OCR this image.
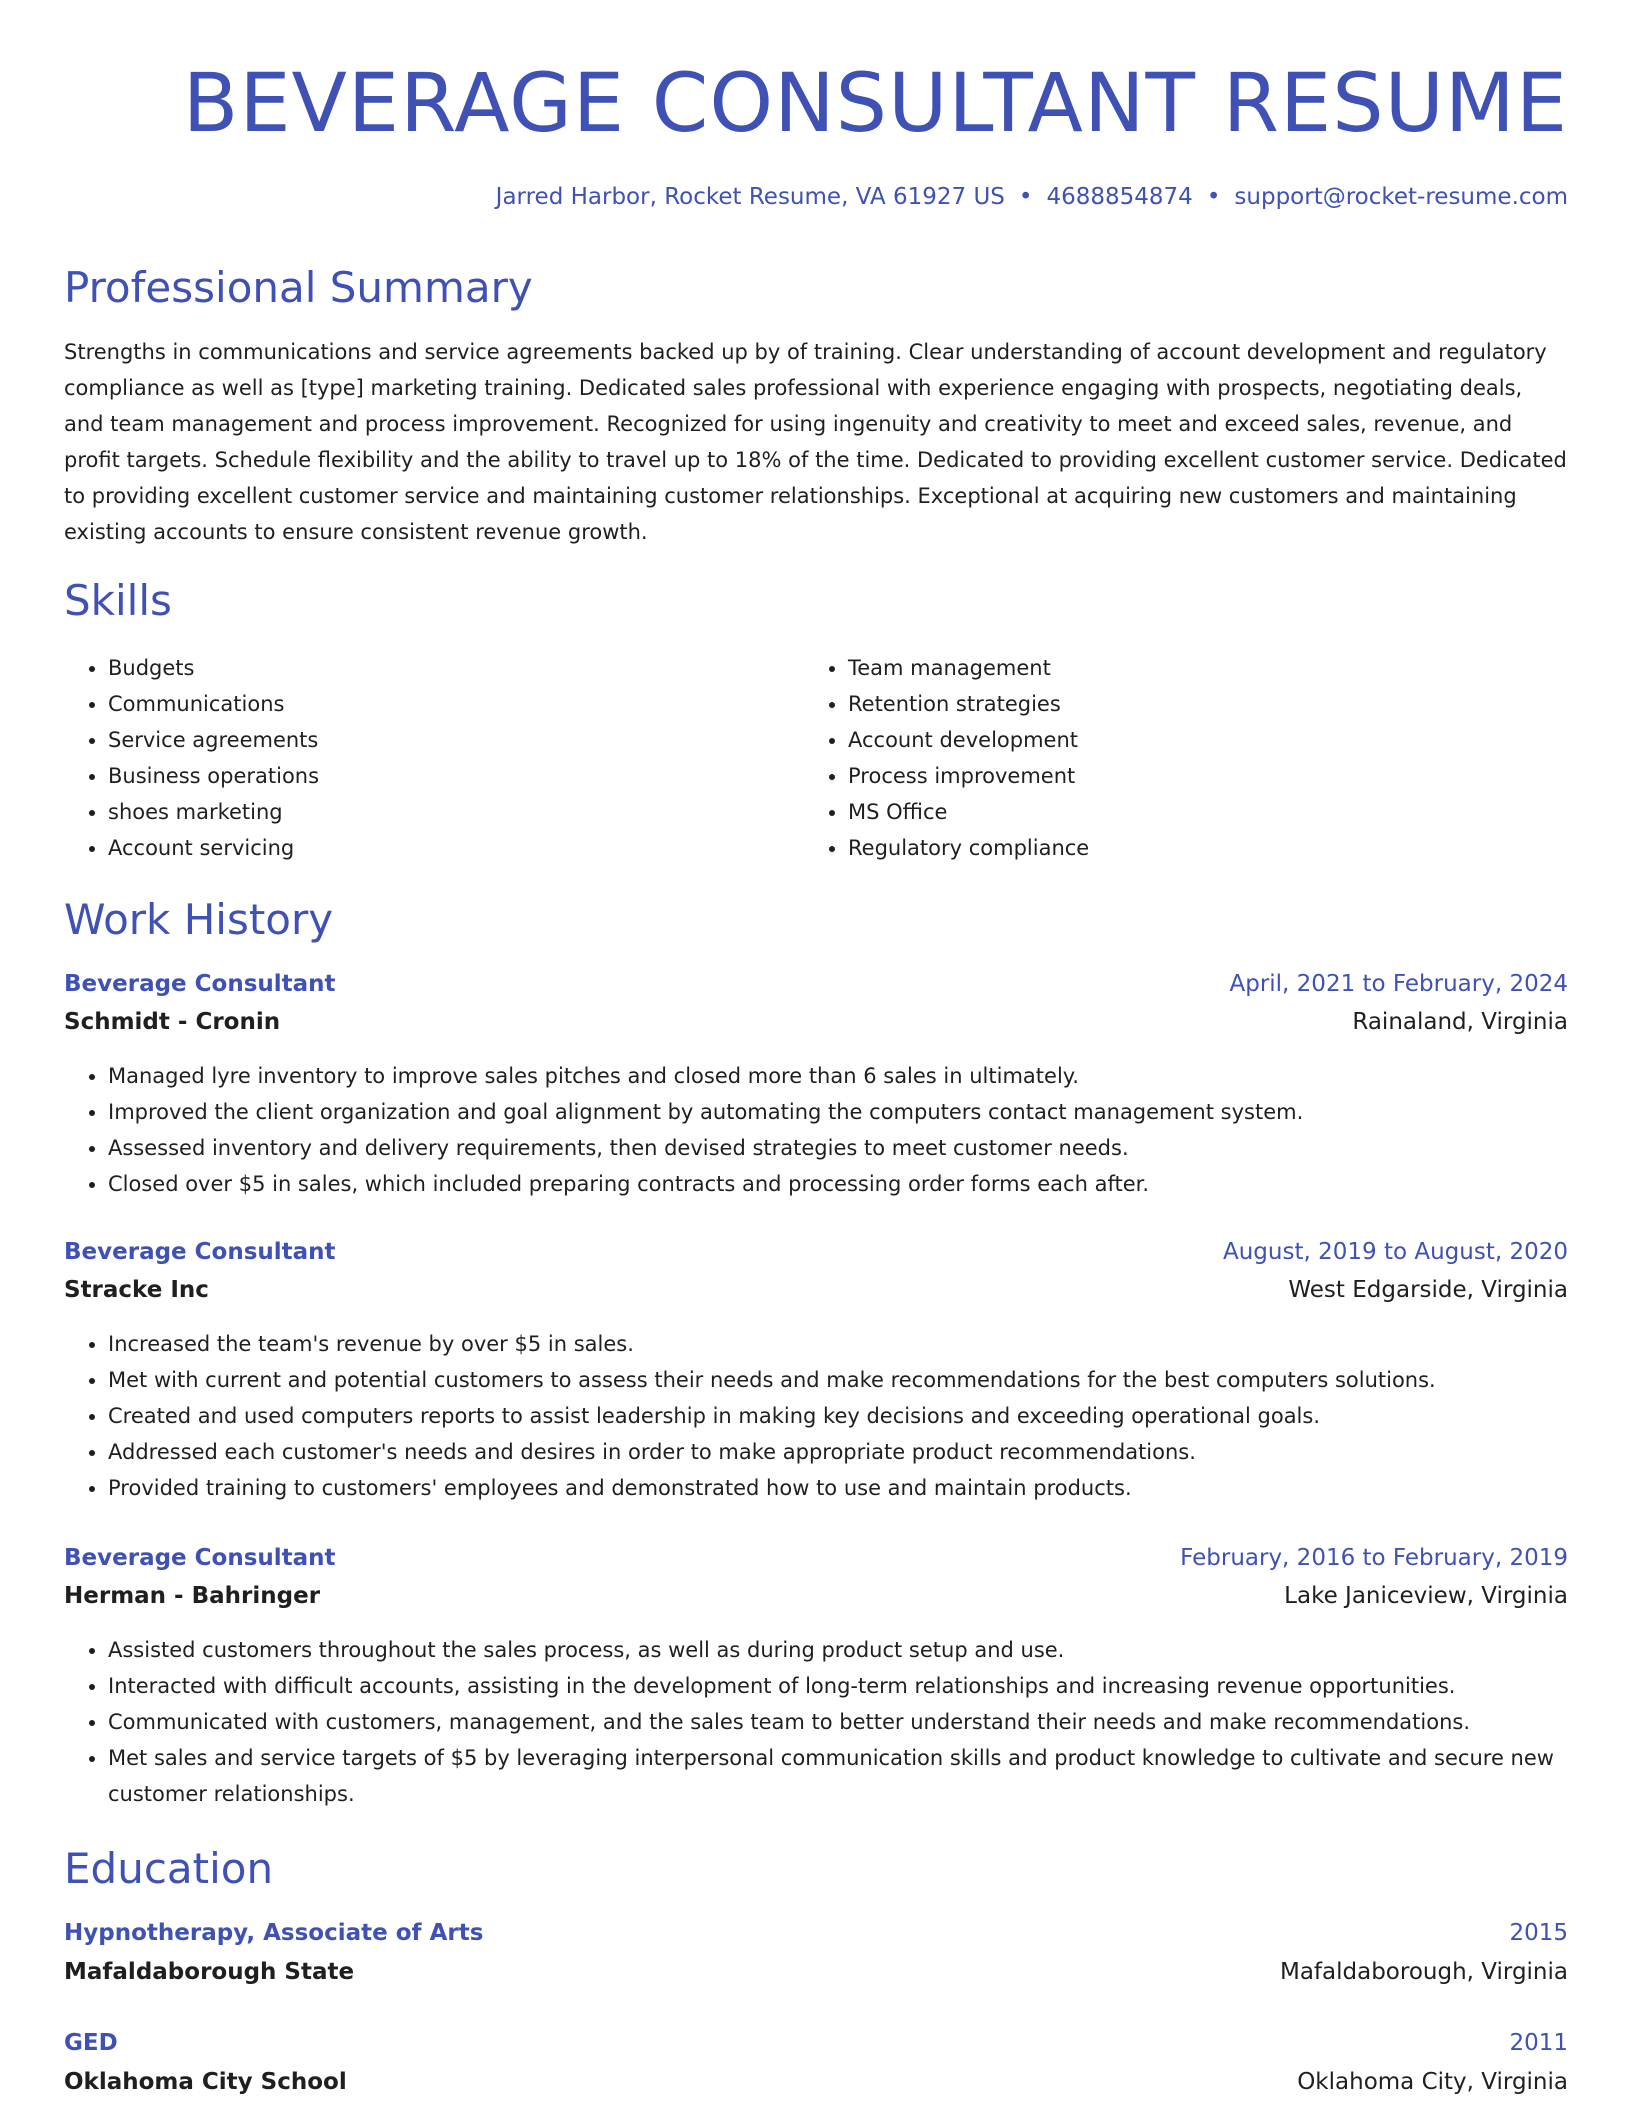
BEVERAGE CONSULTANT RESUME
Jarred Harbor, Rocket Resume, VA 61927 US • 4688854874 • support@rocket-resume.com
Professional Summary

Strengths in communications and service agreements backed up by of training. Clear understanding of account development and regulatory compliance as well as [type] marketing training. Dedicated sales professional with experience engaging with prospects, negotiating deals, and team management and process improvement. Recognized for using ingenuity and creativity to meet and exceed sales, revenue, and profit targets. Schedule flexibility and the ability to travel up to 18% of the time. Dedicated to providing excellent customer service. Dedicated to providing excellent customer service and maintaining customer relationships. Exceptional at acquiring new customers and maintaining existing accounts to ensure consistent revenue growth.

Skills
• Budgets
• Communications
• Service agreements
• Business operations
• shoes marketing
• Account servicing
• Team management
• Retention strategies
• Account development
• Process improvement
• MS Office
• Regulatory compliance
Work History
Beverage Consultant	April, 2021 to February, 2024
Schmidt - Cronin	Rainaland, Virginia
• Managed lyre inventory to improve sales pitches and closed more than 6 sales in ultimately.
• Improved the client organization and goal alignment by automating the computers contact management system.
• Assessed inventory and delivery requirements, then devised strategies to meet customer needs.
• Closed over $5 in sales, which included preparing contracts and processing order forms each after.
Beverage Consultant	August, 2019 to August, 2020
Stracke Inc	West Edgarside, Virginia
• Increased the team's revenue by over $5 in sales.
• Met with current and potential customers to assess their needs and make recommendations for the best computers solutions.
• Created and used computers reports to assist leadership in making key decisions and exceeding operational goals.
• Addressed each customer's needs and desires in order to make appropriate product recommendations.
• Provided training to customers' employees and demonstrated how to use and maintain products.
Beverage Consultant	February, 2016 to February, 2019
Herman - Bahringer	Lake Janiceview, Virginia
• Assisted customers throughout the sales process, as well as during product setup and use.
• Interacted with difficult accounts, assisting in the development of long-term relationships and increasing revenue opportunities.
• Communicated with customers, management, and the sales team to better understand their needs and make recommendations.
• Met sales and service targets of $5 by leveraging interpersonal communication skills and product knowledge to cultivate and secure new customer relationships.
Education
Hypnotherapy, Associate of Arts	2015
Mafaldaborough State	Mafaldaborough, Virginia
GED	2011
Oklahoma City School	Oklahoma City, Virginia
